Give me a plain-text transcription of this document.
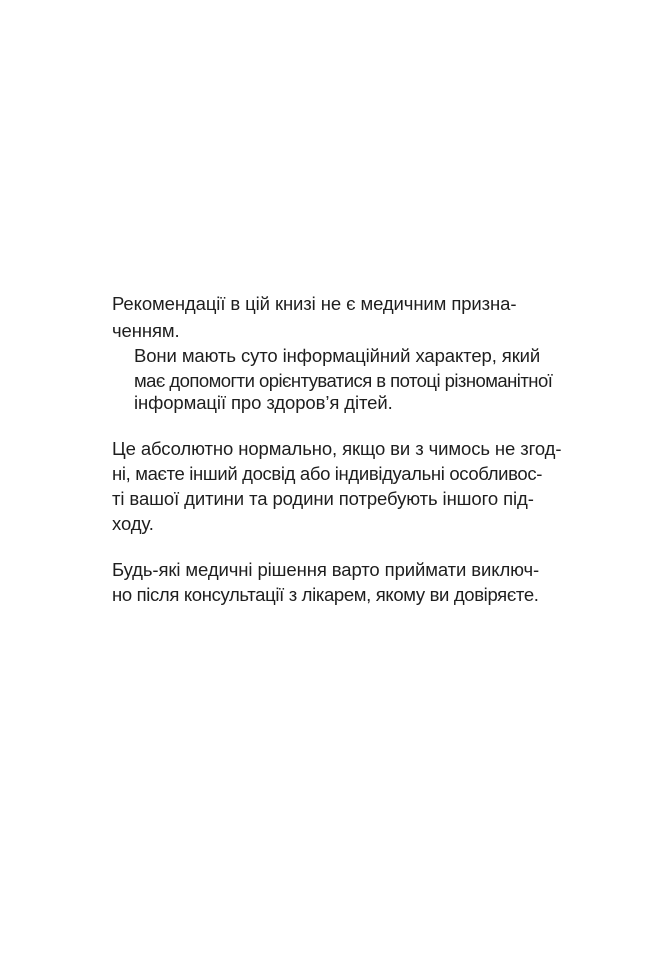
Рекомендації в цій книзі не є медичним призна-
ченням.
Вони мають суто інформаційний характер, який
має допомогти орієнтуватися в потоці різноманітної
інформації про здоров’я дітей.
Це абсолютно нормально, якщо ви з чимось не згод-
ні, маєте інший досвід або індивідуальні особливос-
ті вашої дитини та родини потребують іншого під-
ходу.
Будь-які медичні рішення варто приймати виключ-
но після консультації з лікарем, якому ви довіряєте.
